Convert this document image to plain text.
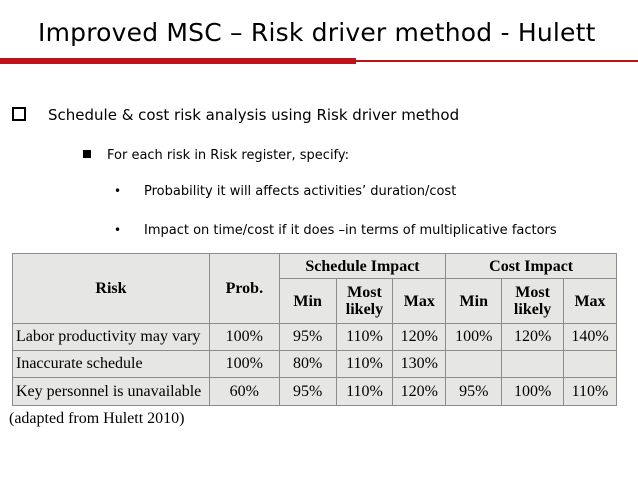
Improved MSC – Risk driver method - Hulett
Schedule & cost risk analysis using Risk driver method
For each risk in Risk register, specify:
• Probability it will affects activities’ duration/cost
• Impact on time/cost if it does –in terms of multiplicative factors
Risk	Prob.	Schedule Impact			Cost Impact		
		Min	Most likely	Max	Min	Most likely	Max
Labor productivity may vary	100%	95%	110%	120%	100%	120%	140%
Inaccurate schedule	100%	80%	110%	130%			
Key personnel is unavailable	60%	95%	110%	120%	95%	100%	110%
(adapted from Hulett 2010)
